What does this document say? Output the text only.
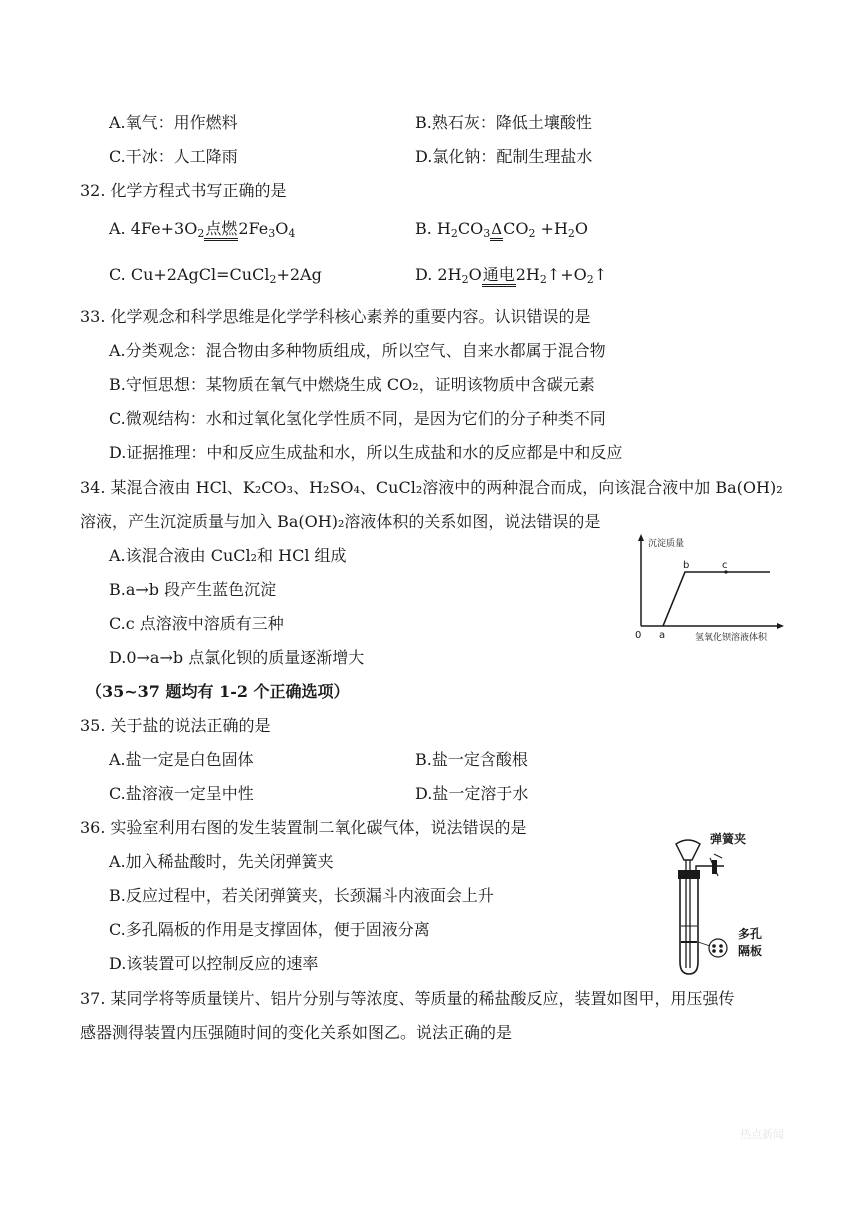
A.氧气：用作燃料	B.熟石灰：降低土壤酸性
C.干冰：人工降雨	D.氯化钠：配制生理盐水
32. 化学方程式书写正确的是
A. $4Fe+3O_2$点燃$2Fe_3O_4$	B. $H_2CO_3\Delta CO_2 +H_2O$
C. Cu+2AgCl=CuCl$_2$+2Ag	D. $2H_2O$通电$2H_2↑+O_2↑$
33. 化学观念和科学思维是化学学科核心素养的重要内容。认识错误的是
A.分类观念：混合物由多种物质组成，所以空气、自来水都属于混合物
B.守恒思想：某物质在氧气中燃烧生成 CO₂，证明该物质中含碳元素
C.微观结构：水和过氧化氢化学性质不同，是因为它们的分子种类不同
D.证据推理：中和反应生成盐和水，所以生成盐和水的反应都是中和反应
34. 某混合液由 HCl、K₂CO₃、H₂SO₄、CuCl₂溶液中的两种混合而成，向该混合液中加 Ba(OH)₂
溶液，产生沉淀质量与加入 Ba(OH)₂溶液体积的关系如图，说法错误的是
A.该混合液由 CuCl₂和 HCl 组成
B.a→b 段产生蓝色沉淀
C.c 点溶液中溶质有三种
D.0→a→b 点氯化钡的质量逐渐增大
沉淀质量
0 a
b	c
氢氧化钡溶液体积
（35~37 题均有 1-2 个正确选项）
35. 关于盐的说法正确的是
A.盐一定是白色固体	B.盐一定含酸根
C.盐溶液一定呈中性	D.盐一定溶于水
36. 实验室利用右图的发生装置制二氧化碳气体，说法错误的是
A.加入稀盐酸时，先关闭弹簧夹
B.反应过程中，若关闭弹簧夹，长颈漏斗内液面会上升
C.多孔隔板的作用是支撑固体，便于固液分离
D.该装置可以控制反应的速率
弹簧夹
多孔
隔板
37. 某同学将等质量镁片、铝片分别与等浓度、等质量的稀盐酸反应，装置如图甲，用压强传
感器测得装置内压强随时间的变化关系如图乙。说法正确的是
热点新闻
